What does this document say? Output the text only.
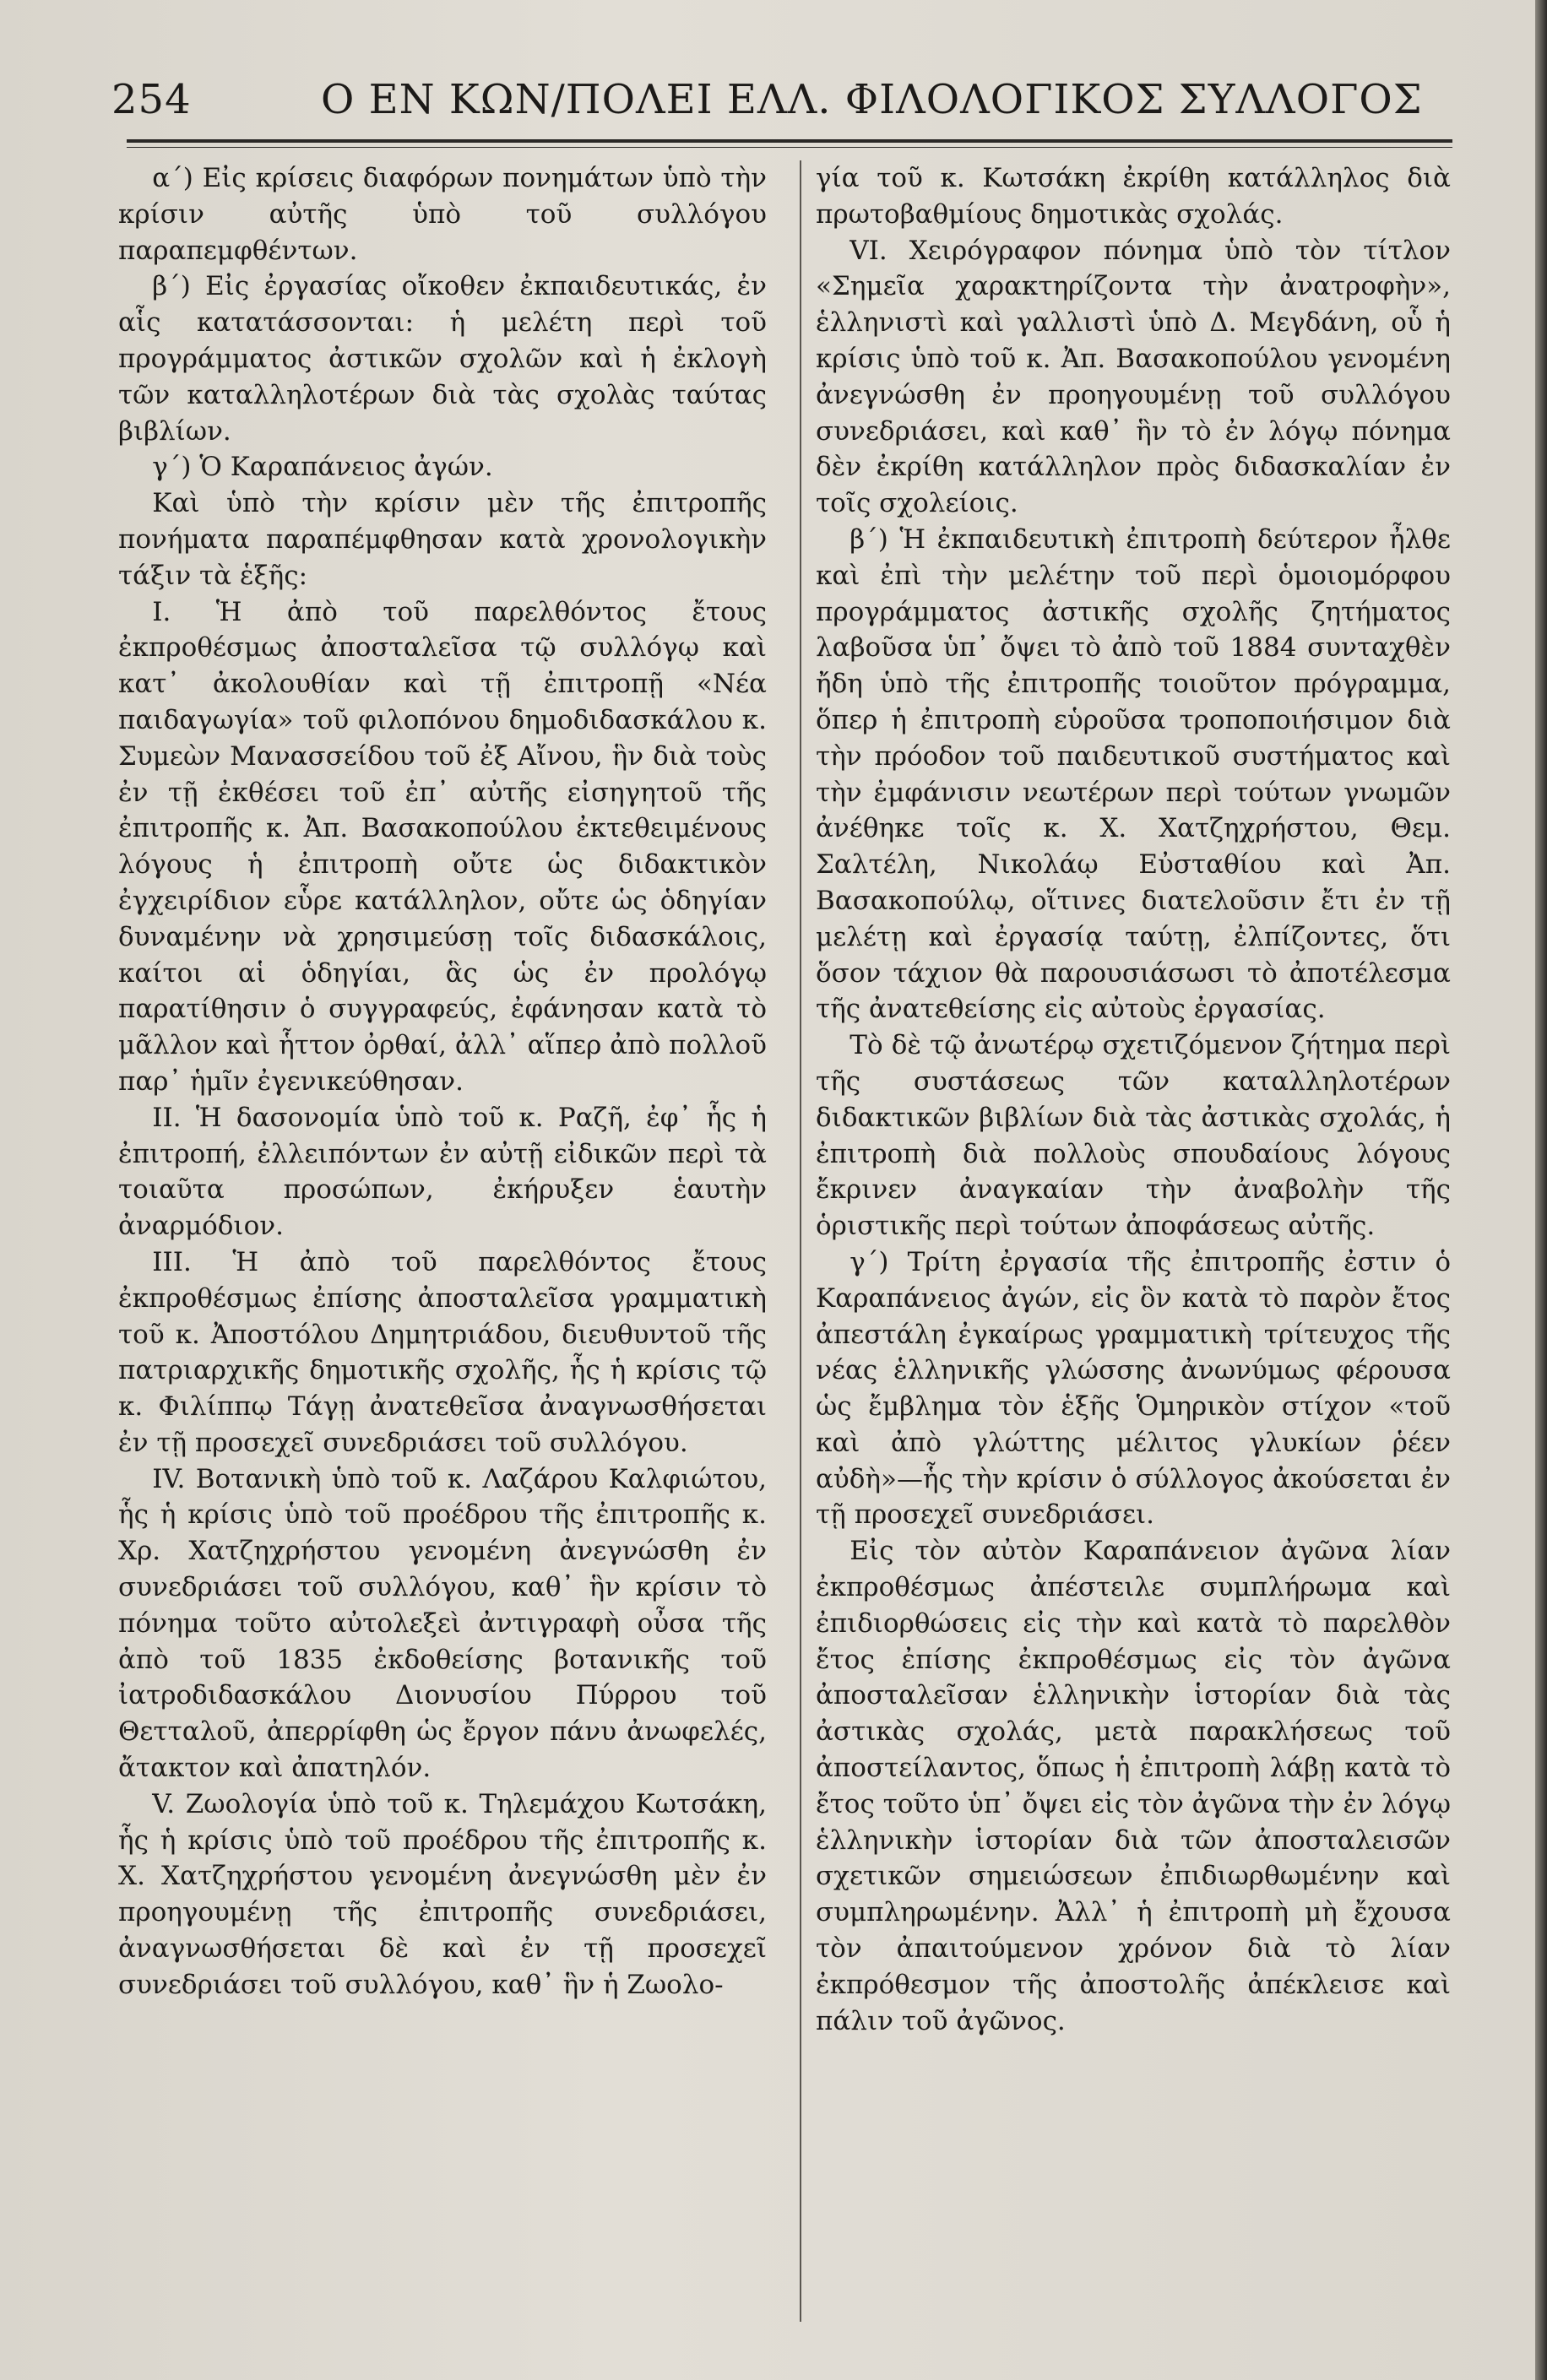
254	Ο ΕΝ ΚΩΝ/ΠΟΛΕΙ ΕΛΛ. ΦΙΛΟΛΟΓΙΚΟΣ ΣΥΛΛΟΓΟΣ

α΄) Εἰς κρίσεις διαφόρων πονημάτων ὑπὸ τὴν κρίσιν αὐτῆς ὑπὸ τοῦ συλλόγου παραπεμφθέντων.

β΄) Εἰς ἐργασίας οἴκοθεν ἐκπαιδευτικάς, ἐν αἷς κατατάσσονται: ἡ μελέτη περὶ τοῦ προγράμματος ἀστικῶν σχολῶν καὶ ἡ ἐκλογὴ τῶν καταλληλοτέρων διὰ τὰς σχολὰς ταύτας βιβλίων.

γ΄) Ὁ Καραπάνειος ἀγών.

Καὶ ὑπὸ τὴν κρίσιν μὲν τῆς ἐπιτροπῆς πονήματα παραπέμφθησαν κατὰ χρονολογικὴν τάξιν τὰ ἑξῆς:

Ι. Ἡ ἀπὸ τοῦ παρελθόντος ἔτους ἐκπροθέσμως ἀποσταλεῖσα τῷ συλλόγῳ καὶ κατ᾽ ἀκολουθίαν καὶ τῇ ἐπιτροπῇ «Νέα παιδαγωγία» τοῦ φιλοπόνου δημοδιδασκάλου κ. Συμεὼν Μανασσείδου τοῦ ἐξ Αἴνου, ἣν διὰ τοὺς ἐν τῇ ἐκθέσει τοῦ ἐπ᾽ αὐτῆς εἰσηγητοῦ τῆς ἐπιτροπῆς κ. Ἀπ. Βασακοπούλου ἐκτεθειμένους λόγους ἡ ἐπιτροπὴ οὔτε ὡς διδακτικὸν ἐγχειρίδιον εὗρε κατάλληλον, οὔτε ὡς ὁδηγίαν δυναμένην νὰ χρησιμεύσῃ τοῖς διδασκάλοις, καίτοι αἱ ὁδηγίαι, ἃς ὡς ἐν προλόγῳ παρατίθησιν ὁ συγγραφεύς, ἐφάνησαν κατὰ τὸ μᾶλλον καὶ ἧττον ὀρθαί, ἀλλ᾽ αἵπερ ἀπὸ πολλοῦ παρ᾽ ἡμῖν ἐγενικεύθησαν.

ΙΙ. Ἡ δασονομία ὑπὸ τοῦ κ. Ραζῆ, ἐφ᾽ ἧς ἡ ἐπιτροπή, ἐλλειπόντων ἐν αὐτῇ εἰδικῶν περὶ τὰ τοιαῦτα προσώπων, ἐκήρυξεν ἑαυτὴν ἀναρμόδιον.

ΙΙΙ. Ἡ ἀπὸ τοῦ παρελθόντος ἔτους ἐκπροθέσμως ἐπίσης ἀποσταλεῖσα γραμματικὴ τοῦ κ. Ἀποστόλου Δημητριάδου, διευθυντοῦ τῆς πατριαρχικῆς δημοτικῆς σχολῆς, ἧς ἡ κρίσις τῷ κ. Φιλίππῳ Τάγῃ ἀνατεθεῖσα ἀναγνωσθήσεται ἐν τῇ προσεχεῖ συνεδριάσει τοῦ συλλόγου.

ΙV. Βοτανικὴ ὑπὸ τοῦ κ. Λαζάρου Καλφιώτου, ἧς ἡ κρίσις ὑπὸ τοῦ προέδρου τῆς ἐπιτροπῆς κ. Χρ. Χατζηχρήστου γενομένη ἀνεγνώσθη ἐν συνεδριάσει τοῦ συλλόγου, καθ᾽ ἣν κρίσιν τὸ πόνημα τοῦτο αὐτολεξεὶ ἀντιγραφὴ οὖσα τῆς ἀπὸ τοῦ 1835 ἐκδοθείσης βοτανικῆς τοῦ ἰατροδιδασκάλου Διονυσίου Πύρρου τοῦ Θετταλοῦ, ἀπερρίφθη ὡς ἔργον πάνυ ἀνωφελές, ἄτακτον καὶ ἀπατηλόν.

V. Ζωολογία ὑπὸ τοῦ κ. Τηλεμάχου Κωτσάκη, ἧς ἡ κρίσις ὑπὸ τοῦ προέδρου τῆς ἐπιτροπῆς κ. Χ. Χατζηχρήστου γενομένη ἀνεγνώσθη μὲν ἐν προηγουμένῃ τῆς ἐπιτροπῆς συνεδριάσει, ἀναγνωσθήσεται δὲ καὶ ἐν τῇ προσεχεῖ συνεδριάσει τοῦ συλλόγου, καθ᾽ ἣν ἡ Ζωολο-

γία τοῦ κ. Κωτσάκη ἐκρίθη κατάλληλος διὰ πρωτοβαθμίους δημοτικὰς σχολάς.

VΙ. Χειρόγραφον πόνημα ὑπὸ τὸν τίτλον «Σημεῖα χαρακτηρίζοντα τὴν ἀνατροφὴν», ἑλληνιστὶ καὶ γαλλιστὶ ὑπὸ Δ. Μεγδάνη, οὗ ἡ κρίσις ὑπὸ τοῦ κ. Ἀπ. Βασακοπούλου γενομένη ἀνεγνώσθη ἐν προηγουμένῃ τοῦ συλλόγου συνεδριάσει, καὶ καθ᾽ ἣν τὸ ἐν λόγῳ πόνημα δὲν ἐκρίθη κατάλληλον πρὸς διδασκαλίαν ἐν τοῖς σχολείοις.

β΄) Ἡ ἐκπαιδευτικὴ ἐπιτροπὴ δεύτερον ἦλθε καὶ ἐπὶ τὴν μελέτην τοῦ περὶ ὁμοιομόρφου προγράμματος ἀστικῆς σχολῆς ζητήματος λαβοῦσα ὑπ᾽ ὄψει τὸ ἀπὸ τοῦ 1884 συνταχθὲν ἤδη ὑπὸ τῆς ἐπιτροπῆς τοιοῦτον πρόγραμμα, ὅπερ ἡ ἐπιτροπὴ εὑροῦσα τροποποιήσιμον διὰ τὴν πρόοδον τοῦ παιδευτικοῦ συστήματος καὶ τὴν ἐμφάνισιν νεωτέρων περὶ τούτων γνωμῶν ἀνέθηκε τοῖς κ. Χ. Χατζηχρήστου, Θεμ. Σαλτέλη, Νικολάῳ Εὐσταθίου καὶ Ἀπ. Βασακοπούλῳ, οἵτινες διατελοῦσιν ἔτι ἐν τῇ μελέτῃ καὶ ἐργασίᾳ ταύτῃ, ἐλπίζοντες, ὅτι ὅσον τάχιον θὰ παρουσιάσωσι τὸ ἀποτέλεσμα τῆς ἀνατεθείσης εἰς αὐτοὺς ἐργασίας.

Τὸ δὲ τῷ ἀνωτέρῳ σχετιζόμενον ζήτημα περὶ τῆς συστάσεως τῶν καταλληλοτέρων διδακτικῶν βιβλίων διὰ τὰς ἀστικὰς σχολάς, ἡ ἐπιτροπὴ διὰ πολλοὺς σπουδαίους λόγους ἔκρινεν ἀναγκαίαν τὴν ἀναβολὴν τῆς ὁριστικῆς περὶ τούτων ἀποφάσεως αὐτῆς.

γ΄) Τρίτη ἐργασία τῆς ἐπιτροπῆς ἐστιν ὁ Καραπάνειος ἀγών, εἰς ὃν κατὰ τὸ παρὸν ἔτος ἀπεστάλη ἐγκαίρως γραμματικὴ τρίτευχος τῆς νέας ἑλληνικῆς γλώσσης ἀνωνύμως φέρουσα ὡς ἔμβλημα τὸν ἑξῆς Ὁμηρικὸν στίχον «τοῦ καὶ ἀπὸ γλώττης μέλιτος γλυκίων ῥέεν αὐδὴ»—ἧς τὴν κρίσιν ὁ σύλλογος ἀκούσεται ἐν τῇ προσεχεῖ συνεδριάσει.

Εἰς τὸν αὐτὸν Καραπάνειον ἀγῶνα λίαν ἐκπροθέσμως ἀπέστειλε συμπλήρωμα καὶ ἐπιδιορθώσεις εἰς τὴν καὶ κατὰ τὸ παρελθὸν ἔτος ἐπίσης ἐκπροθέσμως εἰς τὸν ἀγῶνα ἀποσταλεῖσαν ἑλληνικὴν ἱστορίαν διὰ τὰς ἀστικὰς σχολάς, μετὰ παρακλήσεως τοῦ ἀποστείλαντος, ὅπως ἡ ἐπιτροπὴ λάβῃ κατὰ τὸ ἔτος τοῦτο ὑπ᾽ ὄψει εἰς τὸν ἀγῶνα τὴν ἐν λόγῳ ἑλληνικὴν ἱστορίαν διὰ τῶν ἀποσταλεισῶν σχετικῶν σημειώσεων ἐπιδιωρθωμένην καὶ συμπληρωμένην. Ἀλλ᾽ ἡ ἐπιτροπὴ μὴ ἔχουσα τὸν ἀπαιτούμενον χρόνον διὰ τὸ λίαν ἐκπρόθεσμον τῆς ἀποστολῆς ἀπέκλεισε καὶ πάλιν τοῦ ἀγῶνος.
